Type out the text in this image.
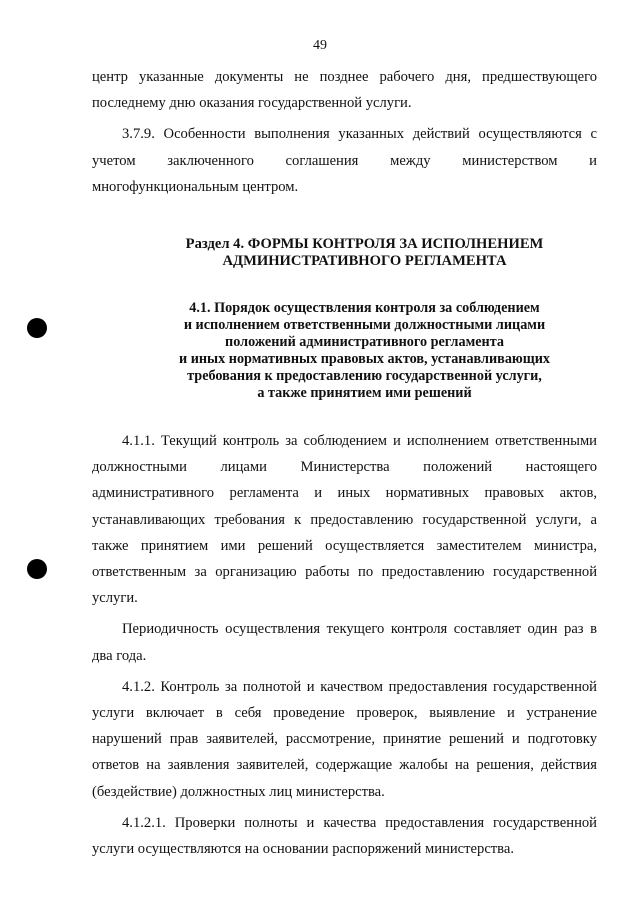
49

центр указанные документы не позднее рабочего дня, предшествующего последнему дню оказания государственной услуги.

3.7.9. Особенности выполнения указанных действий осуществляются с учетом заключенного соглашения между министерством и многофункциональным центром.

Раздел 4. ФОРМЫ КОНТРОЛЯ ЗА ИСПОЛНЕНИЕМ
АДМИНИСТРАТИВНОГО РЕГЛАМЕНТА
4.1. Порядок осуществления контроля за соблюдением
и исполнением ответственными должностными лицами
положений административного регламента
и иных нормативных правовых актов, устанавливающих
требования к предоставлению государственной услуги,
а также принятием ими решений

4.1.1. Текущий контроль за соблюдением и исполнением ответственными должностными лицами Министерства положений настоящего административного регламента и иных нормативных правовых актов, устанавливающих требования к предоставлению государственной услуги, а также принятием ими решений осуществляется заместителем министра, ответственным за организацию работы по предоставлению государственной услуги.

Периодичность осуществления текущего контроля составляет один раз в два года.

4.1.2. Контроль за полнотой и качеством предоставления государственной услуги включает в себя проведение проверок, выявление и устранение нарушений прав заявителей, рассмотрение, принятие решений и подготовку ответов на заявления заявителей, содержащие жалобы на решения, действия (бездействие) должностных лиц министерства.

4.1.2.1. Проверки полноты и качества предоставления государственной услуги осуществляются на основании распоряжений министерства.
